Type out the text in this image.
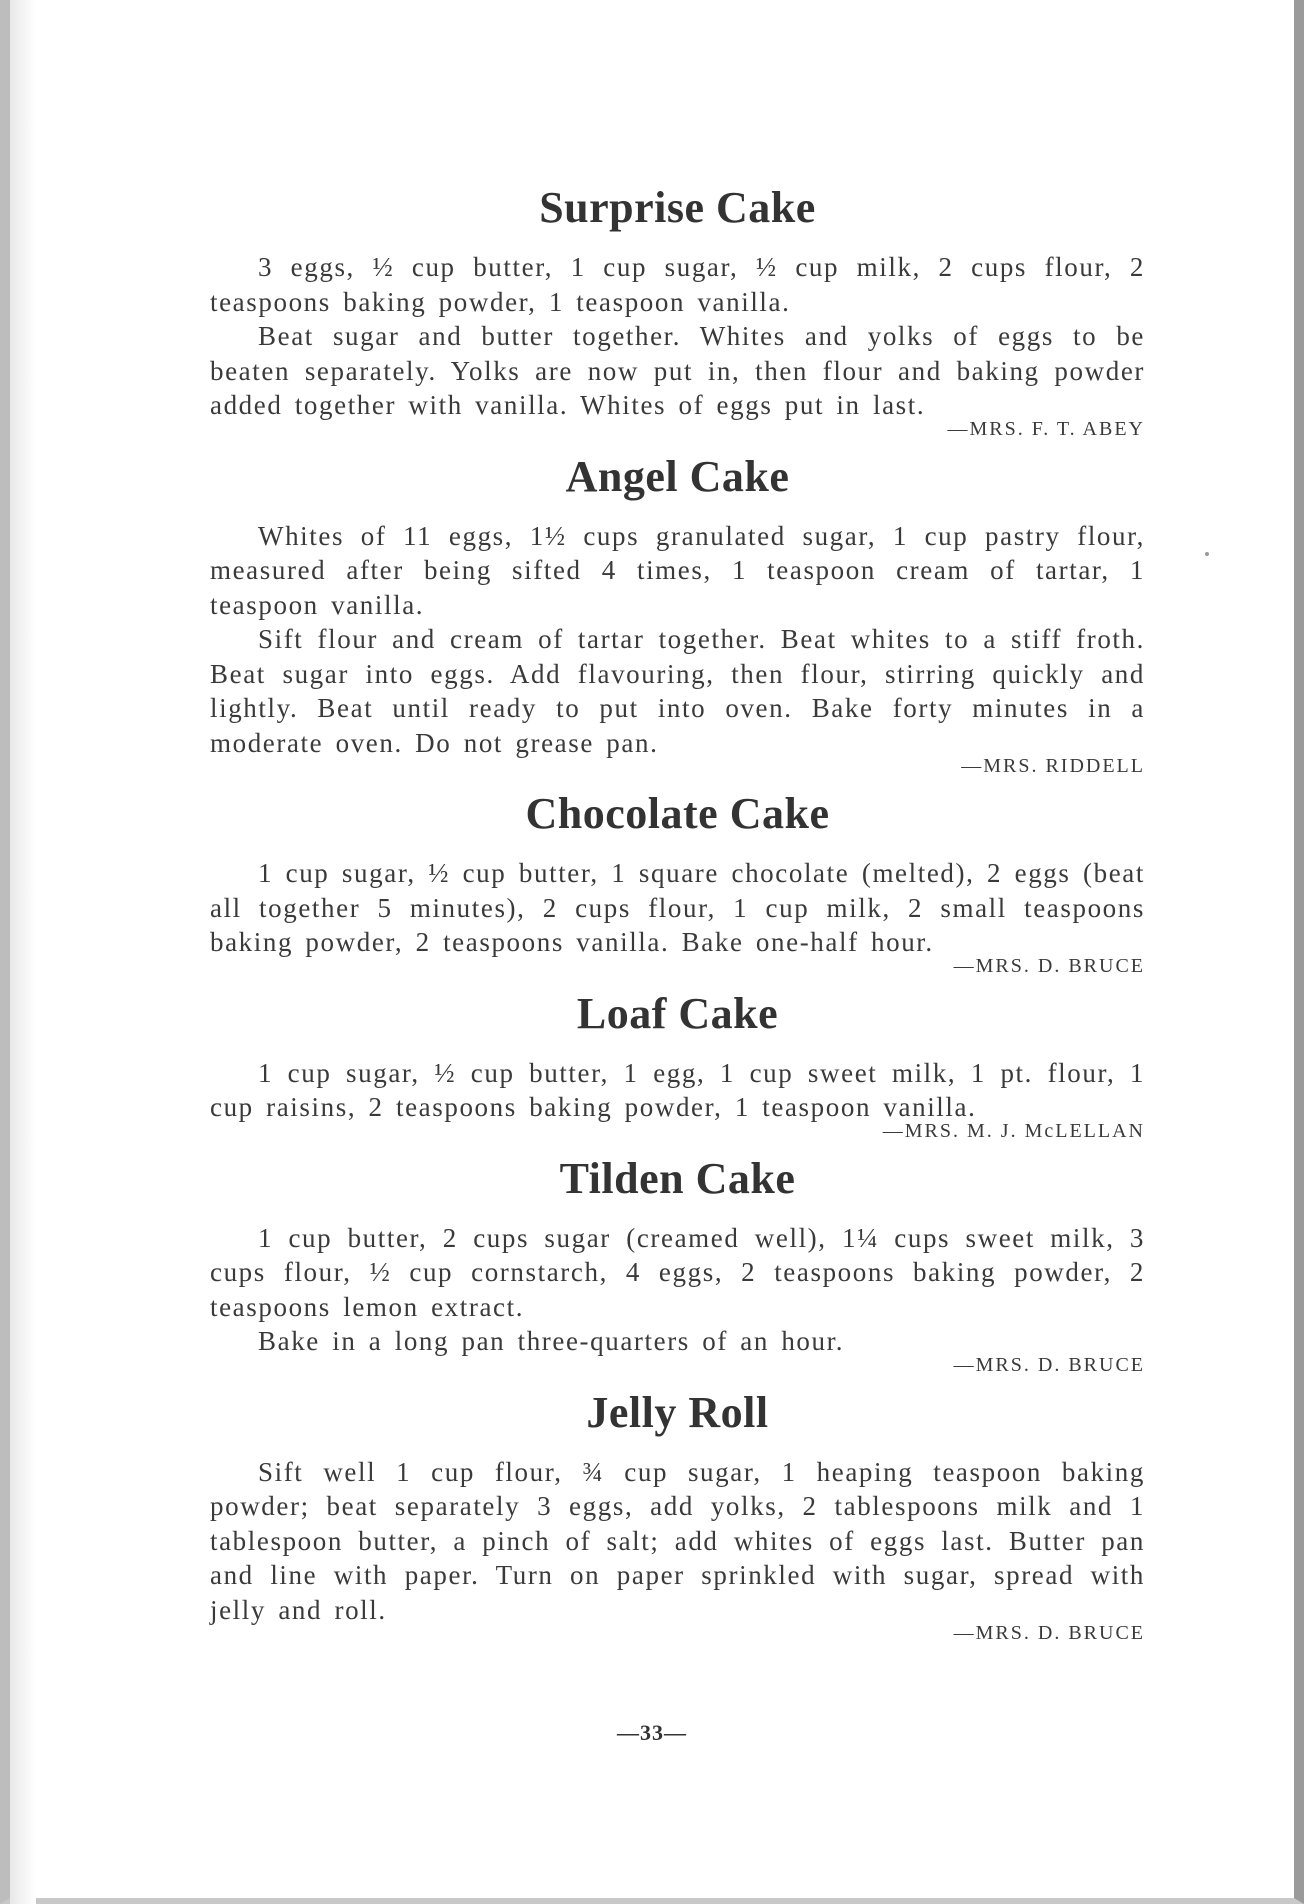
Surprise Cake

3 eggs, ½ cup butter, 1 cup sugar, ½ cup milk, 2 cups flour, 2 teaspoons baking powder, 1 teaspoon vanilla.

Beat sugar and butter together. Whites and yolks of eggs to be beaten separately. Yolks are now put in, then flour and baking powder added together with vanilla. Whites of eggs put in last.

—MRS. F. T. ABEY
Angel Cake

Whites of 11 eggs, 1½ cups granulated sugar, 1 cup pastry flour, measured after being sifted 4 times, 1 teaspoon cream of tartar, 1 teaspoon vanilla.

Sift flour and cream of tartar together. Beat whites to a stiff froth. Beat sugar into eggs. Add flavouring, then flour, stirring quickly and lightly. Beat until ready to put into oven. Bake forty minutes in a moderate oven. Do not grease pan.

—MRS. RIDDELL
Chocolate Cake

1 cup sugar, ½ cup butter, 1 square chocolate (melted), 2 eggs (beat all together 5 minutes), 2 cups flour, 1 cup milk, 2 small teaspoons baking powder, 2 teaspoons vanilla. Bake one-half hour.

—MRS. D. BRUCE
Loaf Cake

1 cup sugar, ½ cup butter, 1 egg, 1 cup sweet milk, 1 pt. flour, 1 cup raisins, 2 teaspoons baking powder, 1 teaspoon vanilla.

—MRS. M. J. McLELLAN
Tilden Cake

1 cup butter, 2 cups sugar (creamed well), 1¼ cups sweet milk, 3 cups flour, ½ cup cornstarch, 4 eggs, 2 teaspoons baking powder, 2 teaspoons lemon extract.

Bake in a long pan three-quarters of an hour.

—MRS. D. BRUCE
Jelly Roll

Sift well 1 cup flour, ¾ cup sugar, 1 heaping teaspoon baking powder; beat separately 3 eggs, add yolks, 2 tablespoons milk and 1 tablespoon butter, a pinch of salt; add whites of eggs last. Butter pan and line with paper. Turn on paper sprinkled with sugar, spread with jelly and roll.

—MRS. D. BRUCE
—33—
